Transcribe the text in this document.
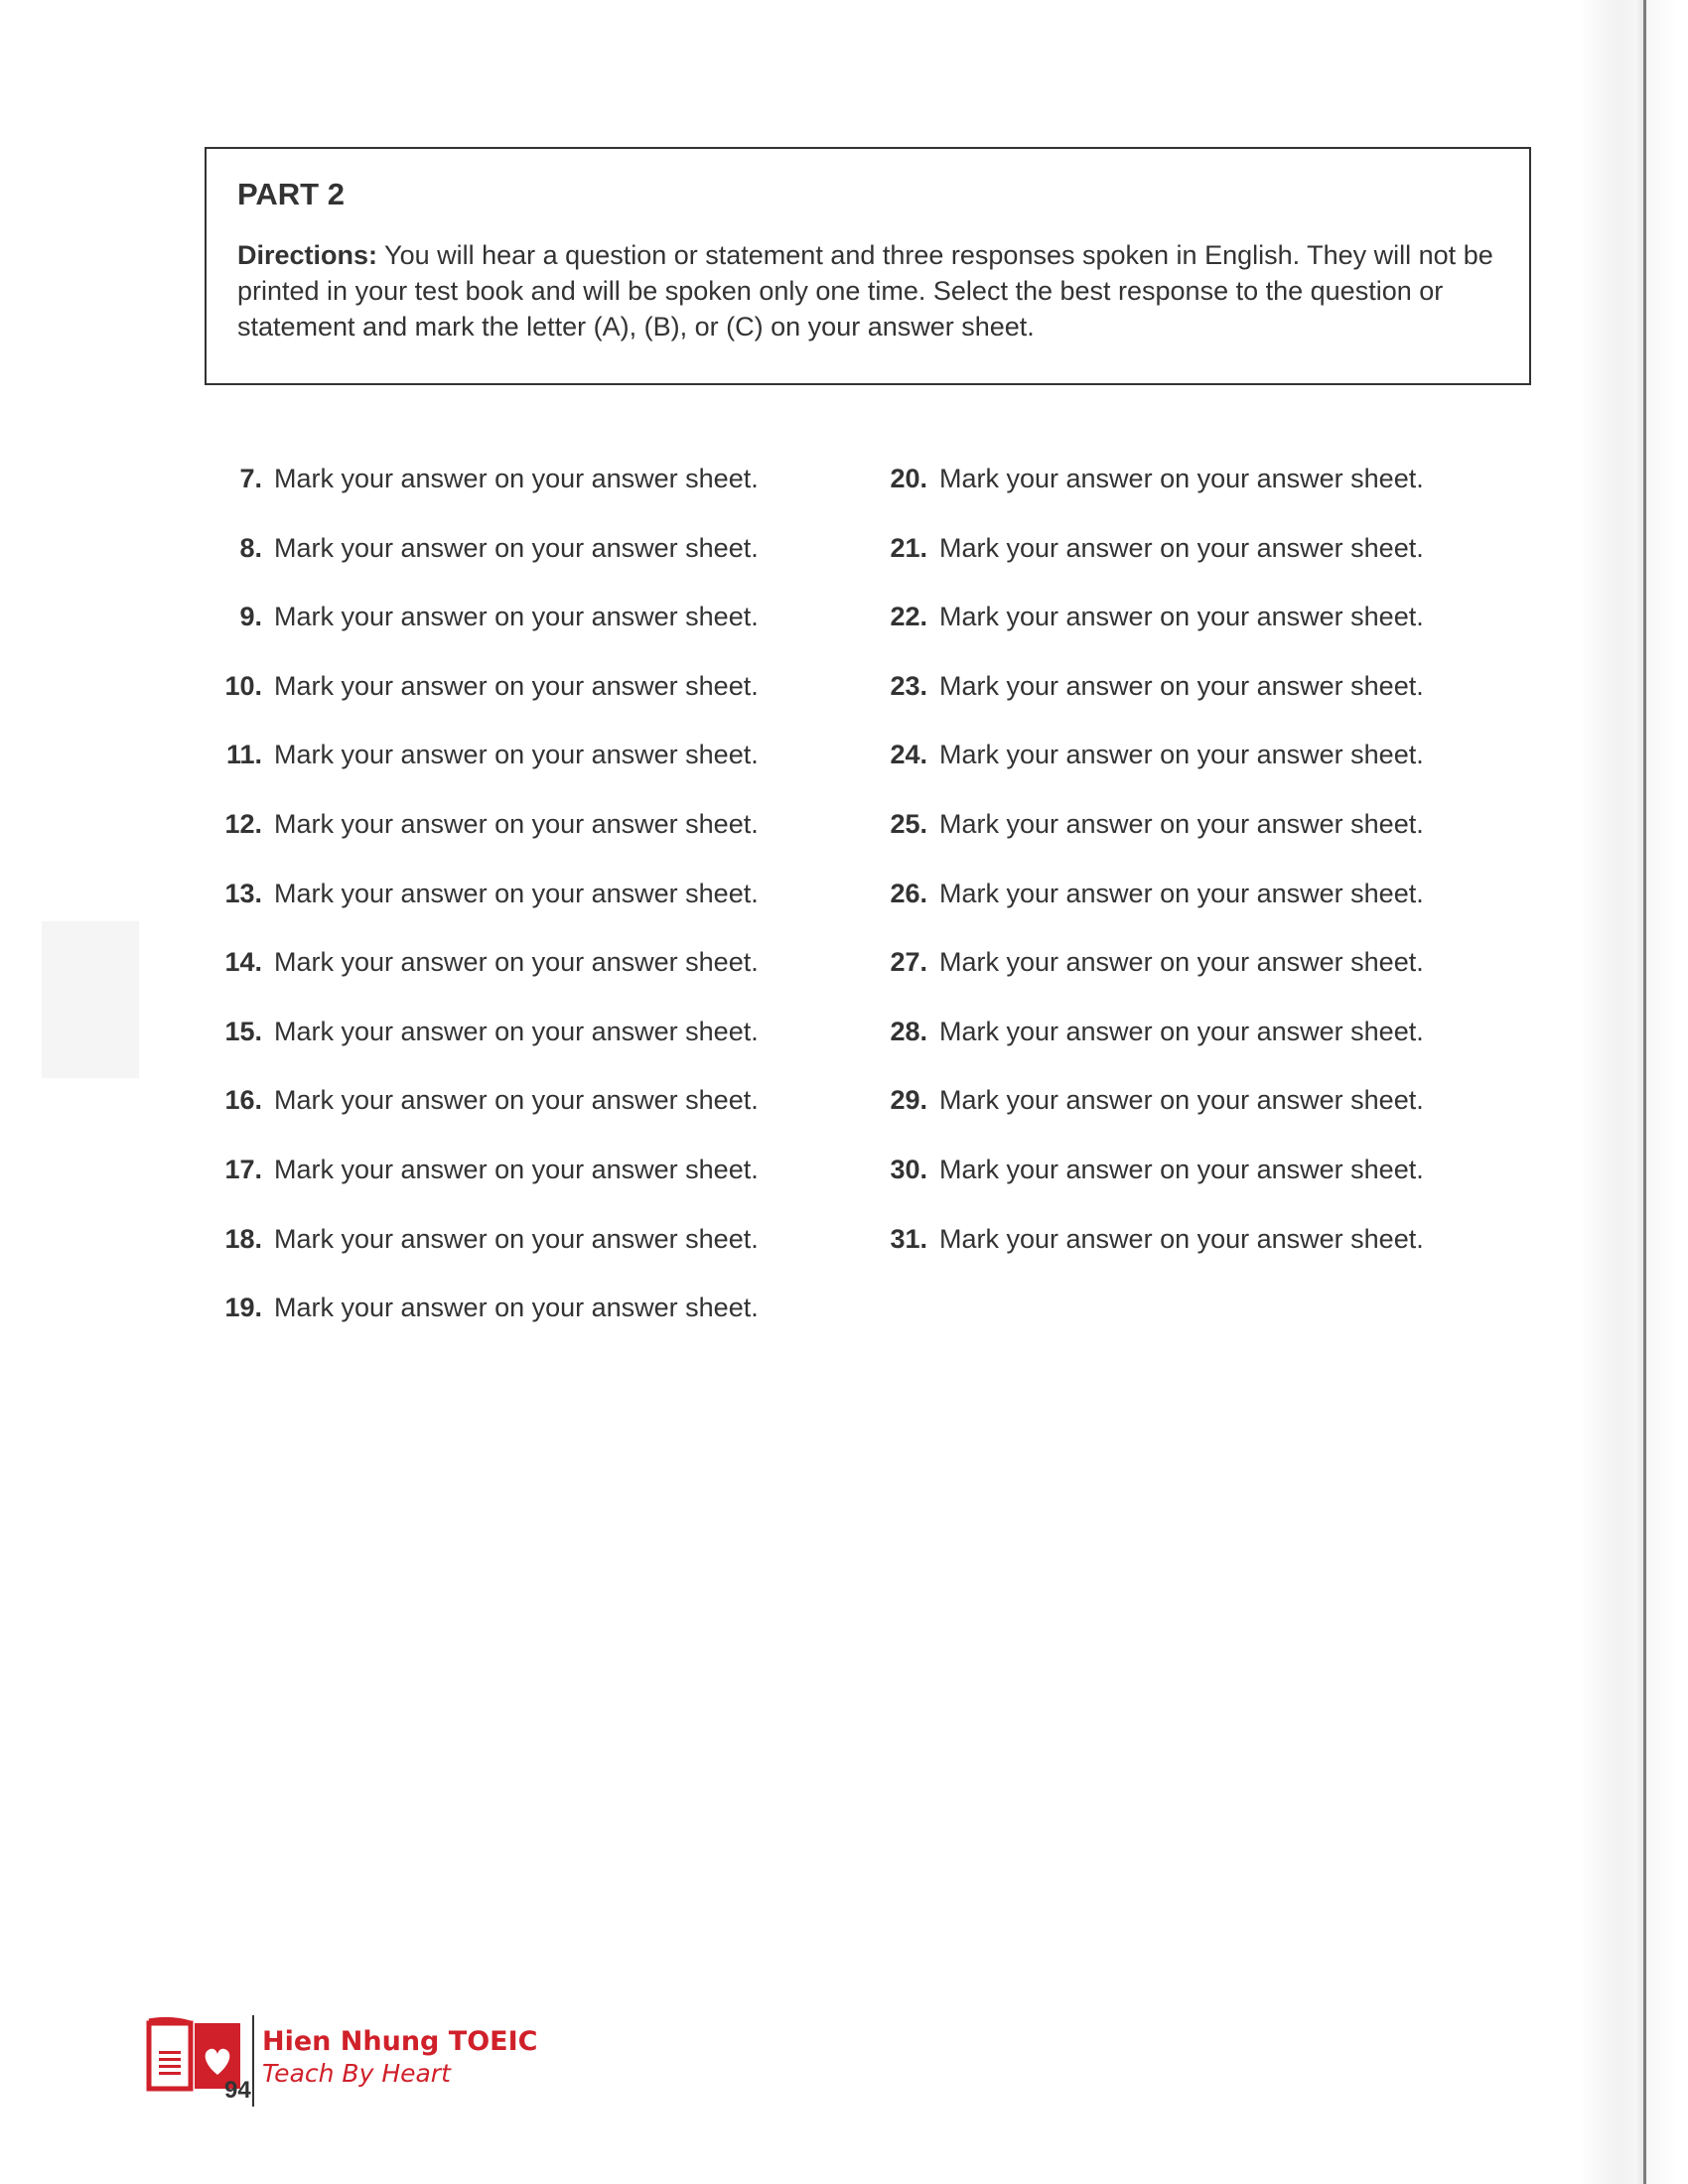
PART 2

Directions: You will hear a question or statement and three responses spoken in English. They will not be printed in your test book and will be spoken only one time. Select the best response to the question or statement and mark the letter (A), (B), or (C) on your answer sheet.

7. Mark your answer on your answer sheet.
8. Mark your answer on your answer sheet.
9. Mark your answer on your answer sheet.
10. Mark your answer on your answer sheet.
11. Mark your answer on your answer sheet.
12. Mark your answer on your answer sheet.
13. Mark your answer on your answer sheet.
14. Mark your answer on your answer sheet.
15. Mark your answer on your answer sheet.
16. Mark your answer on your answer sheet.
17. Mark your answer on your answer sheet.
18. Mark your answer on your answer sheet.
19. Mark your answer on your answer sheet.
20. Mark your answer on your answer sheet.
21. Mark your answer on your answer sheet.
22. Mark your answer on your answer sheet.
23. Mark your answer on your answer sheet.
24. Mark your answer on your answer sheet.
25. Mark your answer on your answer sheet.
26. Mark your answer on your answer sheet.
27. Mark your answer on your answer sheet.
28. Mark your answer on your answer sheet.
29. Mark your answer on your answer sheet.
30. Mark your answer on your answer sheet.
31. Mark your answer on your answer sheet.
Hien Nhung TOEIC
Teach By Heart
94
